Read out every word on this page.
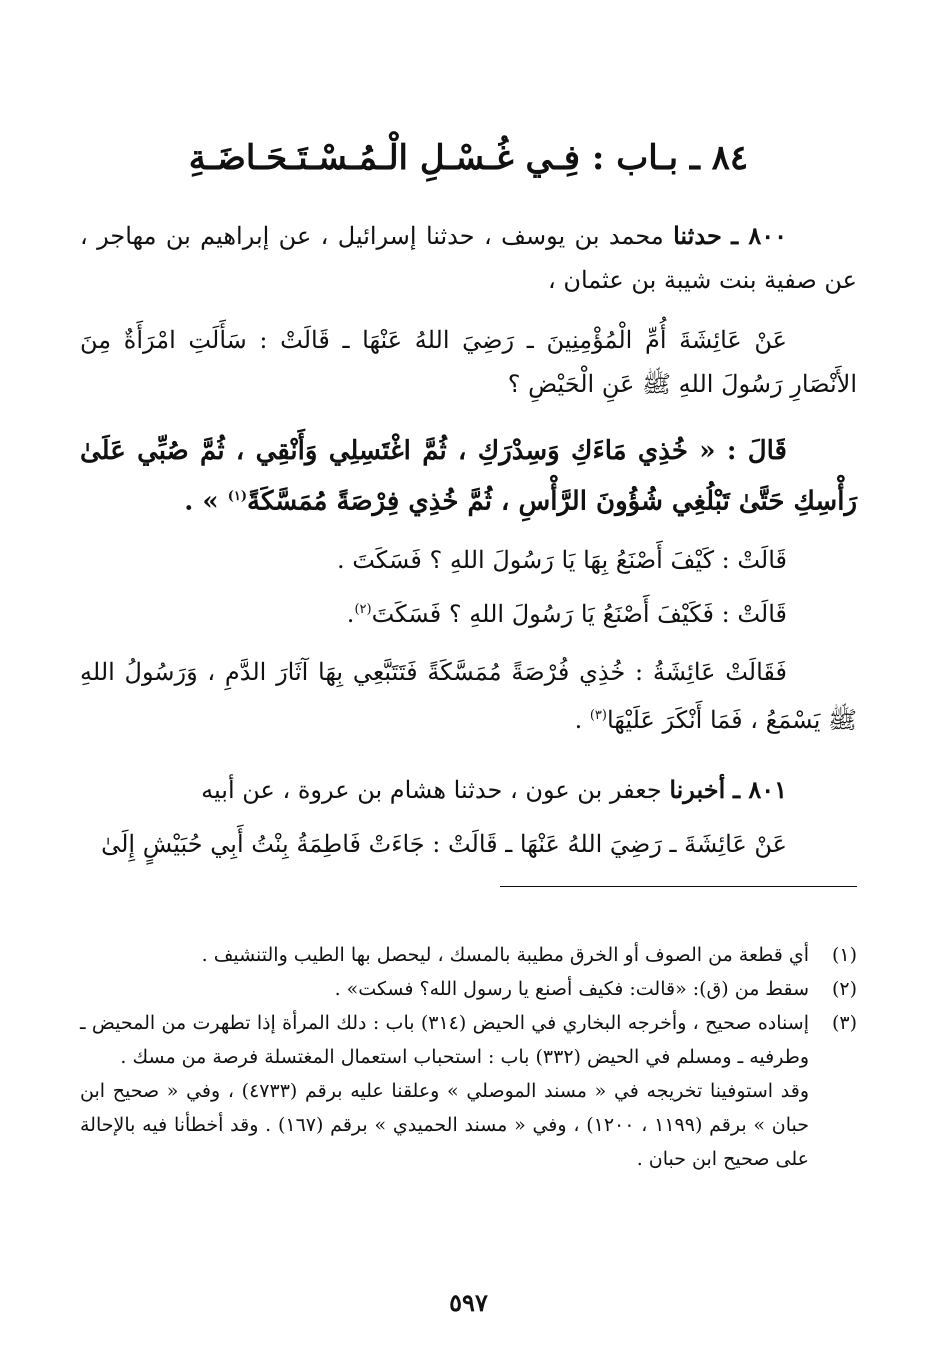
٨٤ ـ بـاب : فِـي غُـسْـلِ الْـمُـسْـتَـحَـاضَـةِ
٨٠٠ ـ حدثنا محمد بن يوسف ، حدثنا إسرائيل ، عن إبراهيم بن مهاجر ، عن صفية بنت شيبة بن عثمان ،
عَنْ عَائِشَةَ أُمِّ الْمُؤْمِنِينَ ـ رَضِيَ اللهُ عَنْهَا ـ قَالَتْ : سَأَلَتِ امْرَأَةٌ مِنَ الأَنْصَارِ رَسُولَ اللهِ ﷺ عَنِ الْحَيْضِ ؟
قَالَ : « خُذِي مَاءَكِ وَسِدْرَكِ ، ثُمَّ اغْتَسِلِي وَأَنْقِي ، ثُمَّ صُبِّي عَلَىٰ رَأْسِكِ حَتَّىٰ تَبْلُغِي شُؤُونَ الرَّأْسِ ، ثُمَّ خُذِي فِرْصَةً مُمَسَّكَةً$^{(١)}$ » .
قَالَتْ : كَيْفَ أَصْنَعُ بِهَا يَا رَسُولَ اللهِ ؟ فَسَكَتَ .
قَالَتْ : فَكَيْفَ أَصْنَعُ يَا رَسُولَ اللهِ ؟ فَسَكَتَ$^{(٢)}$.
فَقَالَتْ عَائِشَةُ : خُذِي فُرْصَةً مُمَسَّكَةً فَتَتَبَّعِي بِهَا آثَارَ الدَّمِ ، وَرَسُولُ اللهِ ﷺ يَسْمَعُ ، فَمَا أَنْكَرَ عَلَيْهَا$^{(٣)}$ .
٨٠١ ـ أخبرنا جعفر بن عون ، حدثنا هشام بن عروة ، عن أبيه
عَنْ عَائِشَةَ ـ رَضِيَ اللهُ عَنْهَا ـ قَالَتْ : جَاءَتْ فَاطِمَةُ بِنْتُ أَبِي حُبَيْشٍ إِلَىٰ
(١)
أي قطعة من الصوف أو الخرق مطيبة بالمسك ، ليحصل بها الطيب والتنشيف .
(٢)
سقط من (ق): «قالت: فكيف أصنع يا رسول الله؟ فسكت» .
(٣)
إسناده صحيح ، وأخرجه البخاري في الحيض (٣١٤) باب : دلك المرأة إذا تطهرت من المحيض ـ وطرفيه ـ ومسلم في الحيض (٣٣٢) باب : استحباب استعمال المغتسلة فرصة من مسك .
وقد استوفينا تخريجه في « مسند الموصلي » وعلقنا عليه برقم (٤٧٣٣) ، وفي « صحيح ابن حبان » برقم (١١٩٩ ، ١٢٠٠) ، وفي « مسند الحميدي » برقم (١٦٧) . وقد أخطأنا فيه بالإحالة على صحيح ابن حبان .
٥٩٧
